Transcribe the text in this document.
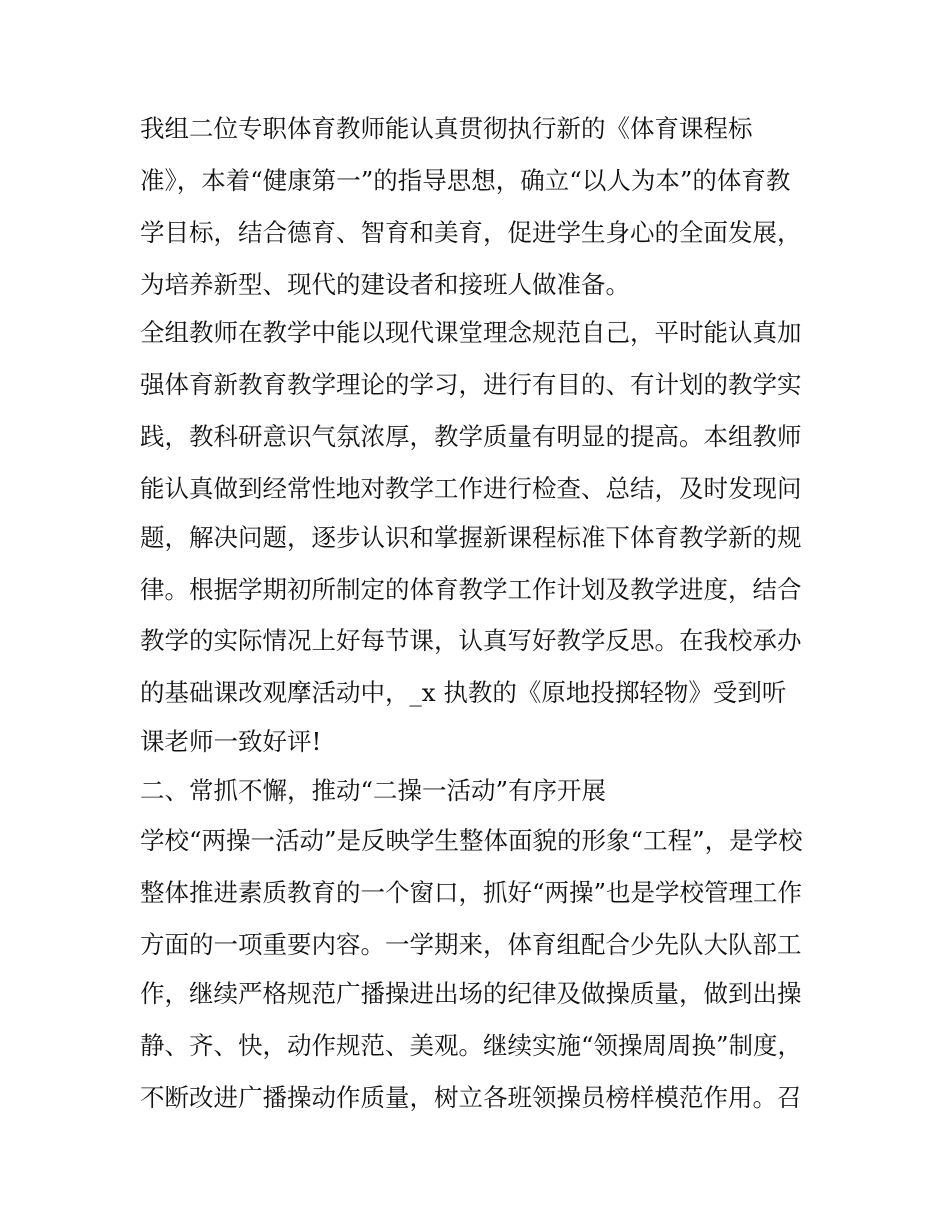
我组二位专职体育教师能认真贯彻执行新的《体育课程标
准》，本着“健康第一”的指导思想，确立“以人为本”的体育教
学目标，结合德育、智育和美育，促进学生身心的全面发展，
为培养新型、现代的建设者和接班人做准备。
全组教师在教学中能以现代课堂理念规范自己，平时能认真加
强体育新教育教学理论的学习，进行有目的、有计划的教学实
践，教科研意识气氛浓厚，教学质量有明显的提高。本组教师
能认真做到经常性地对教学工作进行检查、总结，及时发现问
题，解决问题，逐步认识和掌握新课程标准下体育教学新的规
律。根据学期初所制定的体育教学工作计划及教学进度，结合
教学的实际情况上好每节课，认真写好教学反思。在我校承办
的基础课改观摩活动中，_x 执教的《原地投掷轻物》受到听
课老师一致好评!
二、常抓不懈，推动“二操一活动”有序开展
学校“两操一活动”是反映学生整体面貌的形象“工程”，是学校
整体推进素质教育的一个窗口，抓好“两操”也是学校管理工作
方面的一项重要内容。一学期来，体育组配合少先队大队部工
作，继续严格规范广播操进出场的纪律及做操质量，做到出操
静、齐、快，动作规范、美观。继续实施“领操周周换”制度，
不断改进广播操动作质量，树立各班领操员榜样模范作用。召
